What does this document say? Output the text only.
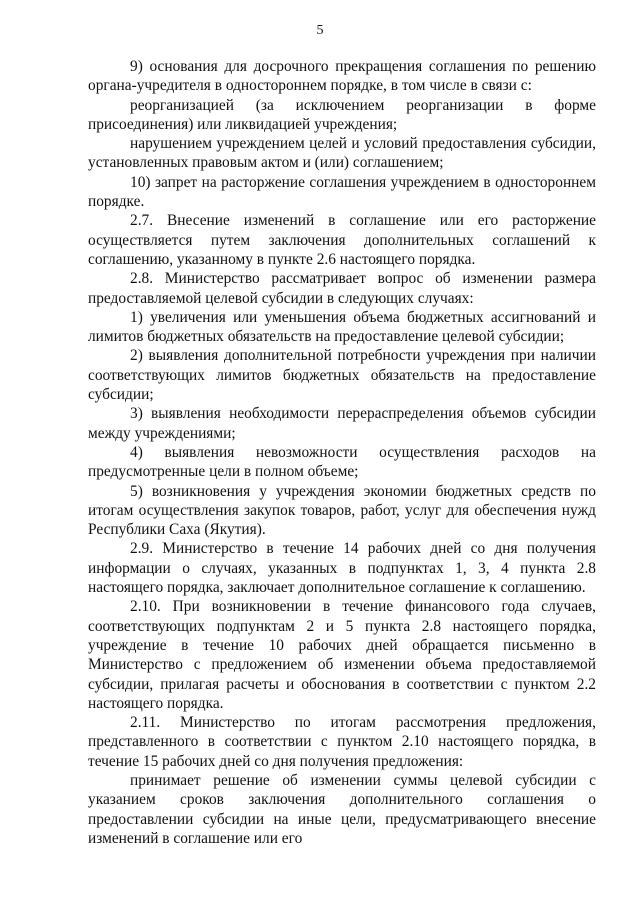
5

9) основания для досрочного прекращения соглашения по решению органа-учредителя в одностороннем порядке, в том числе в связи с:

реорганизацией (за исключением реорганизации в форме присоединения) или ликвидацией учреждения;

нарушением учреждением целей и условий предоставления субсидии, установленных правовым актом и (или) соглашением;

10) запрет на расторжение соглашения учреждением в одностороннем порядке.

2.7. Внесение изменений в соглашение или его расторжение осуществляется путем заключения дополнительных соглашений к соглашению, указанному в пункте 2.6 настоящего порядка.

2.8. Министерство рассматривает вопрос об изменении размера предоставляемой целевой субсидии в следующих случаях:

1) увеличения или уменьшения объема бюджетных ассигнований и лимитов бюджетных обязательств на предоставление целевой субсидии;

2) выявления дополнительной потребности учреждения при наличии соответствующих лимитов бюджетных обязательств на предоставление субсидии;

3) выявления необходимости перераспределения объемов субсидии между учреждениями;

4) выявления невозможности осуществления расходов на предусмотренные цели в полном объеме;

5) возникновения у учреждения экономии бюджетных средств по итогам осуществления закупок товаров, работ, услуг для обеспечения нужд Республики Саха (Якутия).

2.9. Министерство в течение 14 рабочих дней со дня получения информации о случаях, указанных в подпунктах 1, 3, 4 пункта 2.8 настоящего порядка, заключает дополнительное соглашение к соглашению.

2.10. При возникновении в течение финансового года случаев, соответствующих подпунктам 2 и 5 пункта 2.8 настоящего порядка, учреждение в течение 10 рабочих дней обращается письменно в Министерство с предложением об изменении объема предоставляемой субсидии, прилагая расчеты и обоснования в соответствии с пунктом 2.2 настоящего порядка.

2.11. Министерство по итогам рассмотрения предложения, представленного в соответствии с пунктом 2.10 настоящего порядка, в течение 15 рабочих дней со дня получения предложения:

принимает решение об изменении суммы целевой субсидии с указанием сроков заключения дополнительного соглашения о предоставлении субсидии на иные цели, предусматривающего внесение изменений в соглашение или его
